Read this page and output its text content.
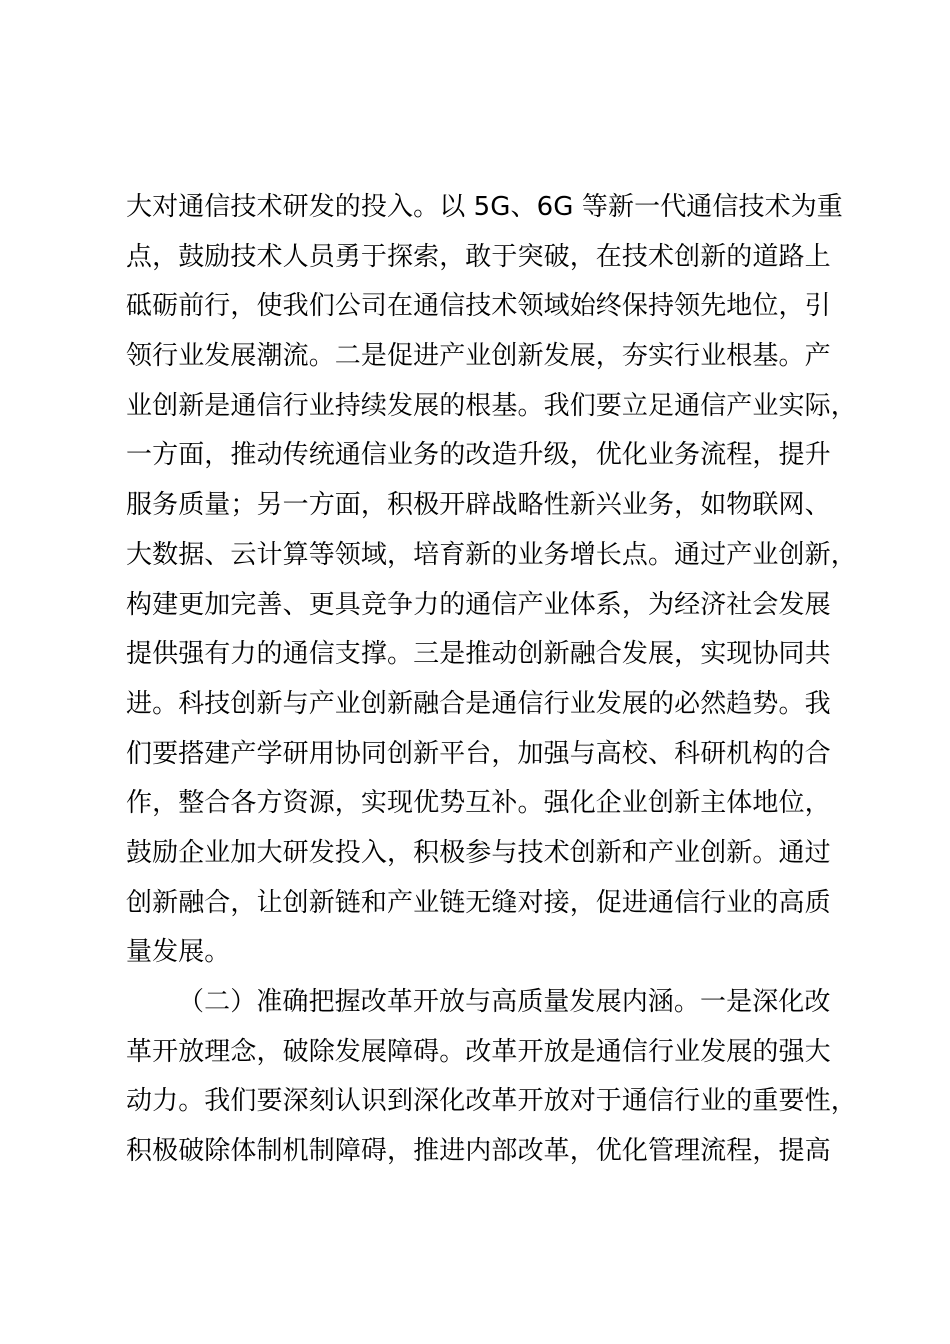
大对通信技术研发的投入。以 5G、6G 等新一代通信技术为重
点，鼓励技术人员勇于探索，敢于突破，在技术创新的道路上
砥砺前行，使我们公司在通信技术领域始终保持领先地位，引
领行业发展潮流。二是促进产业创新发展，夯实行业根基。产
业创新是通信行业持续发展的根基。我们要立足通信产业实际，
一方面，推动传统通信业务的改造升级，优化业务流程，提升
服务质量；另一方面，积极开辟战略性新兴业务，如物联网、
大数据、云计算等领域，培育新的业务增长点。通过产业创新，
构建更加完善、更具竞争力的通信产业体系，为经济社会发展
提供强有力的通信支撑。三是推动创新融合发展，实现协同共
进。科技创新与产业创新融合是通信行业发展的必然趋势。我
们要搭建产学研用协同创新平台，加强与高校、科研机构的合
作，整合各方资源，实现优势互补。强化企业创新主体地位，
鼓励企业加大研发投入，积极参与技术创新和产业创新。通过
创新融合，让创新链和产业链无缝对接，促进通信行业的高质
量发展。
（二）准确把握改革开放与高质量发展内涵。一是深化改
革开放理念，破除发展障碍。改革开放是通信行业发展的强大
动力。我们要深刻认识到深化改革开放对于通信行业的重要性，
积极破除体制机制障碍，推进内部改革，优化管理流程，提高
